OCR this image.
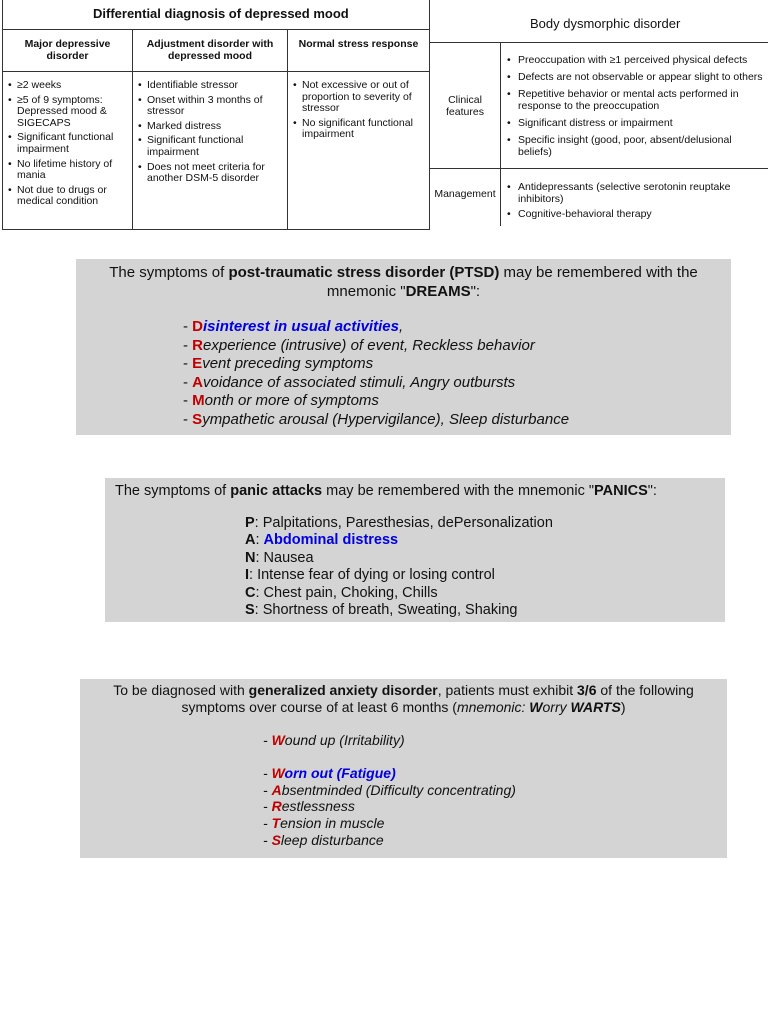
Differential diagnosis of depressed mood
Major depressive disorder
• ≥2 weeks
• ≥5 of 9 symptoms: Depressed mood & SIGECAPS
• Significant functional impairment
• No lifetime history of mania
• Not due to drugs or medical condition
Adjustment disorder with depressed mood
• Identifiable stressor
• Onset within 3 months of stressor
• Marked distress
• Significant functional impairment
• Does not meet criteria for another DSM-5 disorder
Normal stress response
• Not excessive or out of proportion to severity of stressor
• No significant functional impairment
Body dysmorphic disorder
Clinical features
• Preoccupation with ≥1 perceived physical defects
• Defects are not observable or appear slight to others
• Repetitive behavior or mental acts performed in response to the preoccupation
• Significant distress or impairment
• Specific insight (good, poor, absent/delusional beliefs)
Management
• Antidepressants (selective serotonin reuptake inhibitors)
• Cognitive-behavioral therapy
The symptoms of post-traumatic stress disorder (PTSD) may be remembered with the mnemonic "DREAMS":
- Disinterest in usual activities,
- Rexperience (intrusive) of event, Reckless behavior
- Event preceding symptoms
- Avoidance of associated stimuli, Angry outbursts
- Month or more of symptoms
- Sympathetic arousal (Hypervigilance), Sleep disturbance
The symptoms of panic attacks may be remembered with the mnemonic "PANICS":
P: Palpitations, Paresthesias, dePersonalization
A: Abdominal distress
N: Nausea
I: Intense fear of dying or losing control
C: Chest pain, Choking, Chills
S: Shortness of breath, Sweating, Shaking
To be diagnosed with generalized anxiety disorder, patients must exhibit 3/6 of the following symptoms over course of at least 6 months (mnemonic: Worry WARTS)
- Wound up (Irritability)
- Worn out (Fatigue)
- Absentminded (Difficulty concentrating)
- Restlessness
- Tension in muscle
- Sleep disturbance
